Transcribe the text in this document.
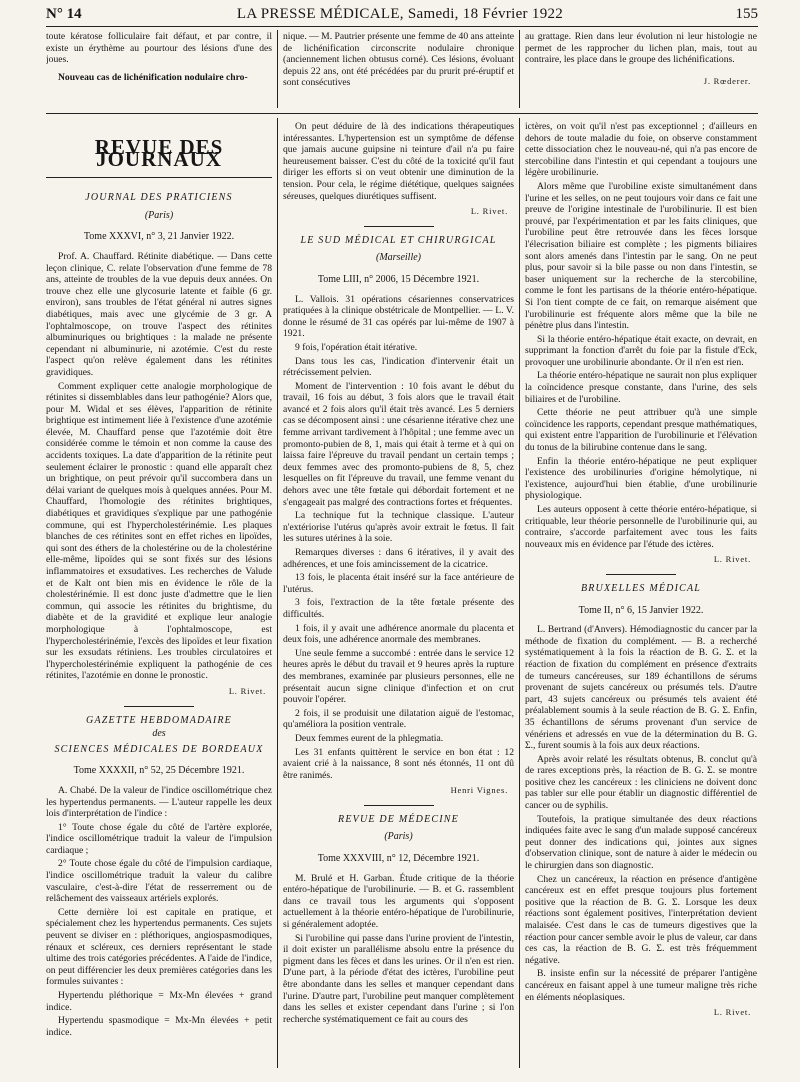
N° 14	LA PRESSE MÉDICALE, Samedi, 18 Février 1922	155

toute kératose folliculaire fait défaut, et par contre, il existe un érythème au pourtour des lésions d'une des joues.

Nouveau cas de lichénification nodulaire chro-

nique. — M. Pautrier présente une femme de 40 ans atteinte de lichénification circonscrite nodulaire chronique (anciennement lichen obtusus corné). Ces lésions, évoluant depuis 22 ans, ont été précédées par du prurit pré-éruptif et sont consécutives

au grattage. Rien dans leur évolution ni leur histologie ne permet de les rapprocher du lichen plan, mais, tout au contraire, les place dans le groupe des lichénifications.

J. Rœderer.
REVUE DES JOURNAUX
JOURNAL DES PRATICIENS
(Paris)
Tome XXXVI, n° 3, 21 Janvier 1922.

Prof. A. Chauffard. Rétinite diabétique. — Dans cette leçon clinique, C. relate l'observation d'une femme de 78 ans, atteinte de troubles de la vue depuis deux années. On trouve chez elle une glycosurie latente et faible (6 gr. environ), sans troubles de l'état général ni autres signes diabétiques, mais avec une glycémie de 3 gr. A l'ophtalmoscope, on trouve l'aspect des rétinites albuminuriques ou brightiques : la malade ne présente cependant ni albuminurie, ni azotémie. C'est du reste l'aspect qu'on relève également dans les rétinites gravidiques.

Comment expliquer cette analogie morphologique de rétinites si dissemblables dans leur pathogénie? Alors que, pour M. Widal et ses élèves, l'apparition de rétinite brightique est intimement liée à l'existence d'une azotémie élevée, M. Chauffard pense que l'azotémie doit être considérée comme le témoin et non comme la cause des accidents toxiques. La date d'apparition de la rétinite peut seulement éclairer le pronostic : quand elle apparaît chez un brightique, on peut prévoir qu'il succombera dans un délai variant de quelques mois à quelques années. Pour M. Chauffard, l'homologie des rétinites brightiques, diabétiques et gravidiques s'explique par une pathogénie commune, qui est l'hypercholestérinémie. Les plaques blanches de ces rétinites sont en effet riches en lipoïdes, qui sont des éthers de la cholestérine ou de la cholestérine elle-même, lipoïdes qui se sont fixés sur des lésions inflammatoires et exsudatives. Les recherches de Valude et de Kalt ont bien mis en évidence le rôle de la cholestérinémie. Il est donc juste d'admettre que le lien commun, qui associe les rétinites du brightisme, du diabète et de la gravidité et explique leur analogie morphologique à l'ophtalmoscope, est l'hypercholestérinémie, l'excès des lipoïdes et leur fixation sur les exsudats rétiniens. Les troubles circulatoires et l'hypercholestérinémie expliquent la pathogénie de ces rétinites, l'azotémie en donne le pronostic.

L. Rivet.
GAZETTE HEBDOMADAIRE
des
SCIENCES MÉDICALES DE BORDEAUX
Tome XXXXII, n° 52, 25 Décembre 1921.

A. Chabé. De la valeur de l'indice oscillométrique chez les hypertendus permanents. — L'auteur rappelle les deux lois d'interprétation de l'indice :

1° Toute chose égale du côté de l'artère explorée, l'indice oscillométrique traduit la valeur de l'impulsion cardiaque ;

2° Toute chose égale du côté de l'impulsion cardiaque, l'indice oscillométrique traduit la valeur du calibre vasculaire, c'est-à-dire l'état de resserrement ou de relâchement des vaisseaux artériels explorés.

Cette dernière loi est capitale en pratique, et spécialement chez les hypertendus permanents. Ces sujets peuvent se diviser en : pléthoriques, angiospasmodiques, rénaux et scléreux, ces derniers représentant le stade ultime des trois catégories précédentes. A l'aide de l'indice, on peut différencier les deux premières catégories dans les formules suivantes :

Hypertendu pléthorique = Mx-Mn élevées + grand indice.

Hypertendu spasmodique = Mx-Mn élevées + petit indice.

On peut déduire de là des indications thérapeutiques intéressantes. L'hypertension est un symptôme de défense que jamais aucune guipsine ni teinture d'ail n'a pu faire heureusement baisser. C'est du côté de la toxicité qu'il faut diriger les efforts si on veut obtenir une diminution de la tension. Pour cela, le régime diététique, quelques saignées séreuses, quelques diurétiques suffisent.

L. Rivet.
LE SUD MÉDICAL ET CHIRURGICAL
(Marseille)
Tome LIII, n° 2006, 15 Décembre 1921.

L. Vallois. 31 opérations césariennes conservatrices pratiquées à la clinique obstétricale de Montpellier. — L. V. donne le résumé de 31 cas opérés par lui-même de 1907 à 1921.

9 fois, l'opération était itérative.

Dans tous les cas, l'indication d'intervenir était un rétrécissement pelvien.

Moment de l'intervention : 10 fois avant le début du travail, 16 fois au début, 3 fois alors que le travail était avancé et 2 fois alors qu'il était très avancé. Les 5 derniers cas se décomposent ainsi : une césarienne itérative chez une femme arrivant tardivement à l'hôpital ; une femme avec un promonto-pubien de 8, 1, mais qui était à terme et à qui on laissa faire l'épreuve du travail pendant un certain temps ; deux femmes avec des promonto-pubiens de 8, 5, chez lesquelles on fit l'épreuve du travail, une femme venant du dehors avec une tête fœtale qui débordait fortement et ne s'engageait pas malgré des contractions fortes et fréquentes.

La technique fut la technique classique. L'auteur n'extériorise l'utérus qu'après avoir extrait le fœtus. Il fait les sutures utérines à la soie.

Remarques diverses : dans 6 itératives, il y avait des adhérences, et une fois amincissement de la cicatrice.

13 fois, le placenta était inséré sur la face antérieure de l'utérus.

3 fois, l'extraction de la tête fœtale présente des difficultés.

1 fois, il y avait une adhérence anormale du placenta et deux fois, une adhérence anormale des membranes.

Une seule femme a succombé : entrée dans le service 12 heures après le début du travail et 9 heures après la rupture des membranes, examinée par plusieurs personnes, elle ne présentait aucun signe clinique d'infection et on crut pouvoir l'opérer.

2 fois, il se produisit une dilatation aiguë de l'estomac, qu'améliora la position ventrale.

Deux femmes eurent de la phlegmatia.

Les 31 enfants quittèrent le service en bon état : 12 avaient crié à la naissance, 8 sont nés étonnés, 11 ont dû être ranimés.

Henri Vignes.
REVUE DE MÉDECINE
(Paris)
Tome XXXVIII, n° 12, Décembre 1921.

M. Brulé et H. Garban. Étude critique de la théorie entéro-hépatique de l'urobilinurie. — B. et G. rassemblent dans ce travail tous les arguments qui s'opposent actuellement à la théorie entéro-hépatique de l'urobilinurie, si généralement adoptée.

Si l'urobiline qui passe dans l'urine provient de l'intestin, il doit exister un parallélisme absolu entre la présence du pigment dans les fèces et dans les urines. Or il n'en est rien. D'une part, à la période d'état des ictères, l'urobiline peut être abondante dans les selles et manquer cependant dans l'urine. D'autre part, l'urobiline peut manquer complètement dans les selles et exister cependant dans l'urine ; si l'on recherche systématiquement ce fait au cours des

ictères, on voit qu'il n'est pas exceptionnel ; d'ailleurs en dehors de toute maladie du foie, on observe constamment cette dissociation chez le nouveau-né, qui n'a pas encore de stercobiline dans l'intestin et qui cependant a toujours une légère urobilinurie.

Alors même que l'urobiline existe simultanément dans l'urine et les selles, on ne peut toujours voir dans ce fait une preuve de l'origine intestinale de l'urobilinurie. Il est bien prouvé, par l'expérimentation et par les faits cliniques, que l'urobiline peut être retrouvée dans les fèces lorsque l'élecrisation biliaire est complète ; les pigments biliaires sont alors amenés dans l'intestin par le sang. On ne peut plus, pour savoir si la bile passe ou non dans l'intestin, se baser uniquement sur la recherche de la stercobiline, comme le font les partisans de la théorie entéro-hépatique. Si l'on tient compte de ce fait, on remarque aisément que l'urobilinurie est fréquente alors même que la bile ne pénètre plus dans l'intestin.

Si la théorie entéro-hépatique était exacte, on devrait, en supprimant la fonction d'arrêt du foie par la fistule d'Eck, provoquer une urobilinurie abondante. Or il n'en est rien.

La théorie entéro-hépatique ne saurait non plus expliquer la coïncidence presque constante, dans l'urine, des sels biliaires et de l'urobiline.

Cette théorie ne peut attribuer qu'à une simple coïncidence les rapports, cependant presque mathématiques, qui existent entre l'apparition de l'urobilinurie et l'élévation du tonus de la bilirubine contenue dans le sang.

Enfin la théorie entéro-hépatique ne peut expliquer l'existence des urobilinuries d'origine hémolytique, ni l'existence, aujourd'hui bien établie, d'une urobilinurie physiologique.

Les auteurs opposent à cette théorie entéro-hépatique, si critiquable, leur théorie personnelle de l'urobilinurie qui, au contraire, s'accorde parfaitement avec tous les faits nouveaux mis en évidence par l'étude des ictères.

L. Rivet.
BRUXELLES MÉDICAL
Tome II, n° 6, 15 Janvier 1922.

L. Bertrand (d'Anvers). Hémodiagnostic du cancer par la méthode de fixation du complément. — B. a recherché systématiquement à la fois la réaction de B. G. Σ. et la réaction de fixation du complément en présence d'extraits de tumeurs cancéreuses, sur 189 échantillons de sérums provenant de sujets cancéreux ou présumés tels. D'autre part, 43 sujets cancéreux ou présumés tels avaient été préalablement soumis à la seule réaction de B. G. Σ. Enfin, 35 échantillons de sérums provenant d'un service de vénériens et adressés en vue de la détermination du B. G. Σ., furent soumis à la fois aux deux réactions.

Après avoir relaté les résultats obtenus, B. conclut qu'à de rares exceptions près, la réaction de B. G. Σ. se montre positive chez les cancéreux : les cliniciens ne doivent donc pas tabler sur elle pour établir un diagnostic différentiel de cancer ou de syphilis.

Toutefois, la pratique simultanée des deux réactions indiquées faite avec le sang d'un malade supposé cancéreux peut donner des indications qui, jointes aux signes d'observation clinique, sont de nature à aider le médecin ou le chirurgien dans son diagnostic.

Chez un cancéreux, la réaction en présence d'antigène cancéreux est en effet presque toujours plus fortement positive que la réaction de B. G. Σ. Lorsque les deux réactions sont également positives, l'interprétation devient malaisée. C'est dans le cas de tumeurs digestives que la réaction pour cancer semble avoir le plus de valeur, car dans ces cas, la réaction de B. G. Σ. est très fréquemment négative.

B. insiste enfin sur la nécessité de préparer l'antigène cancéreux en faisant appel à une tumeur maligne très riche en éléments néoplasiques.

L. Rivet.
